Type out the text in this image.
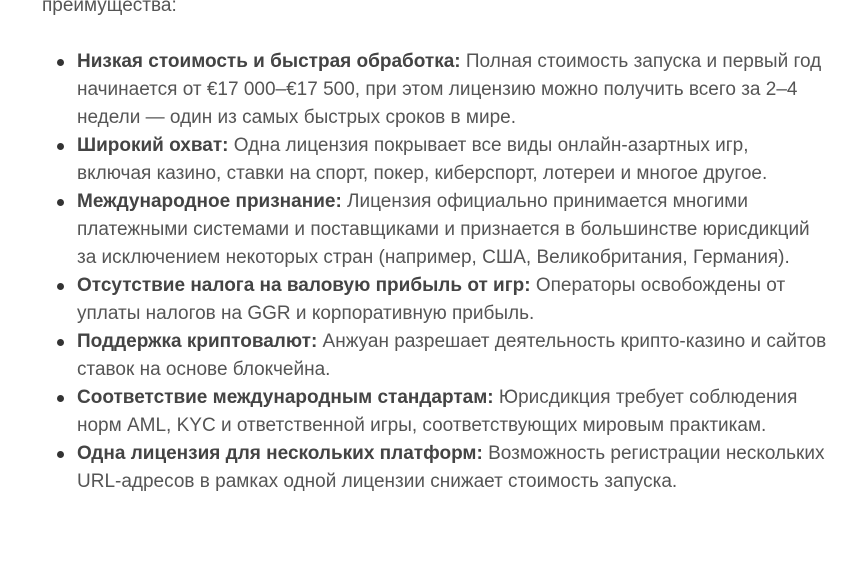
преимущества:

Низкая стоимость и быстрая обработка: Полная стоимость запуска и первый год начинается от €17 000–€17 500, при этом лицензию можно получить всего за 2–4 недели — один из самых быстрых сроков в мире.
Широкий охват: Одна лицензия покрывает все виды онлайн-азартных игр, включая казино, ставки на спорт, покер, киберспорт, лотереи и многое другое.
Международное признание: Лицензия официально принимается многими платежными системами и поставщиками и признается в большинстве юрисдикций за исключением некоторых стран (например, США, Великобритания, Германия).
Отсутствие налога на валовую прибыль от игр: Операторы освобождены от уплаты налогов на GGR и корпоративную прибыль.
Поддержка криптовалют: Анжуан разрешает деятельность крипто-казино и сайтов ставок на основе блокчейна.
Соответствие международным стандартам: Юрисдикция требует соблюдения норм AML, KYC и ответственной игры, соответствующих мировым практикам.
Одна лицензия для нескольких платформ: Возможность регистрации нескольких URL-адресов в рамках одной лицензии снижает стоимость запуска.
